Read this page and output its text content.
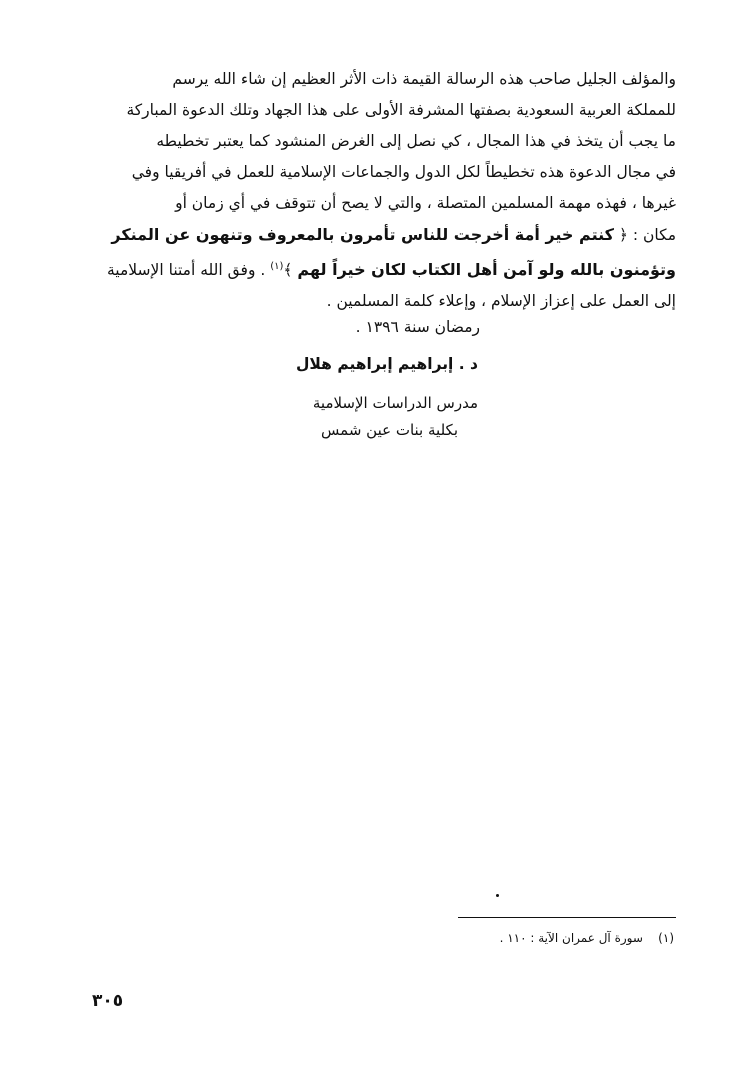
والمؤلف الجليل صاحب هذه الرسالة القيمة ذات الأثر العظيم إن شاء الله يرسم
للمملكة العربية السعودية بصفتها المشرفة الأولى على هذا الجهاد وتلك الدعوة المباركة
ما يجب أن يتخذ في هذا المجال ، كي نصل إلى الغرض المنشود كما يعتبر تخطيطه
في مجال الدعوة هذه تخطيطاً لكل الدول والجماعات الإسلامية للعمل في أفريقيا وفي
غيرها ، فهذه مهمة المسلمين المتصلة ، والتي لا يصح أن تتوقف في أي زمان أو
مكان : ﴿ كنتم خير أمة أخرجت للناس تأمرون بالمعروف وتنهون عن المنكر
وتؤمنون بالله ولو آمن أهل الكتاب لكان خيراً لهم ﴾$^{(١)}$ . وفق الله أمتنا الإسلامية
إلى العمل على إعزاز الإسلام ، وإعلاء كلمة المسلمين .
رمضان سنة ١٣٩٦ .
د . إبراهيم إبراهيم هلال
مدرس الدراسات الإسلامية
بكلية بنات عين شمس
(١)    سورة آل عمران الآية : ١١٠ .
٣٠٥
